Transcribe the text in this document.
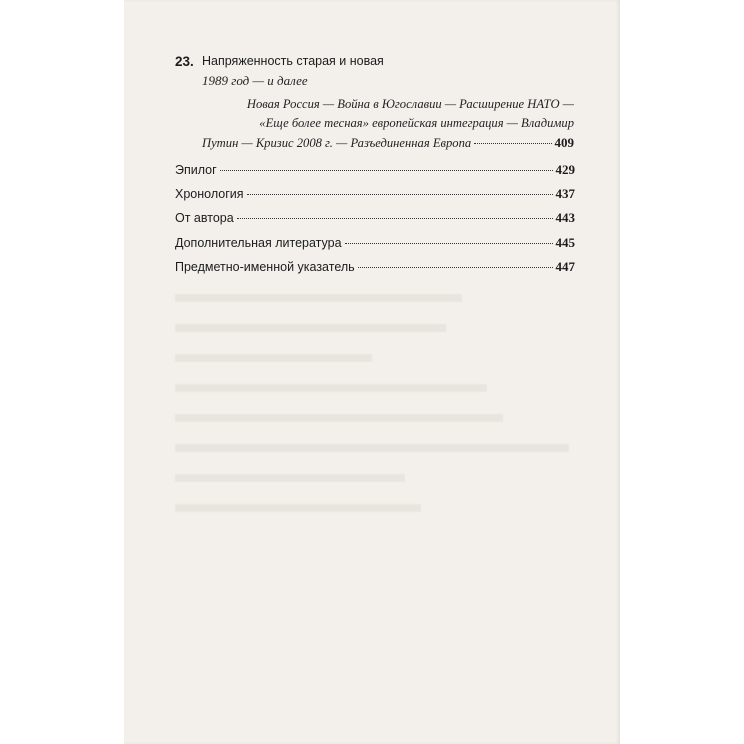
23. Напряженность старая и новая
1989 год — и далее
Новая Россия — Война в Югославии — Расширение НАТО —
«Еще более тесная» европейская интеграция — Владимир
Путин — Кризис 2008 г. — Разъединенная Европа	409
Эпилог	429
Хронология	437
От автора	443
Дополнительная литература	445
Предметно-именной указатель	447
